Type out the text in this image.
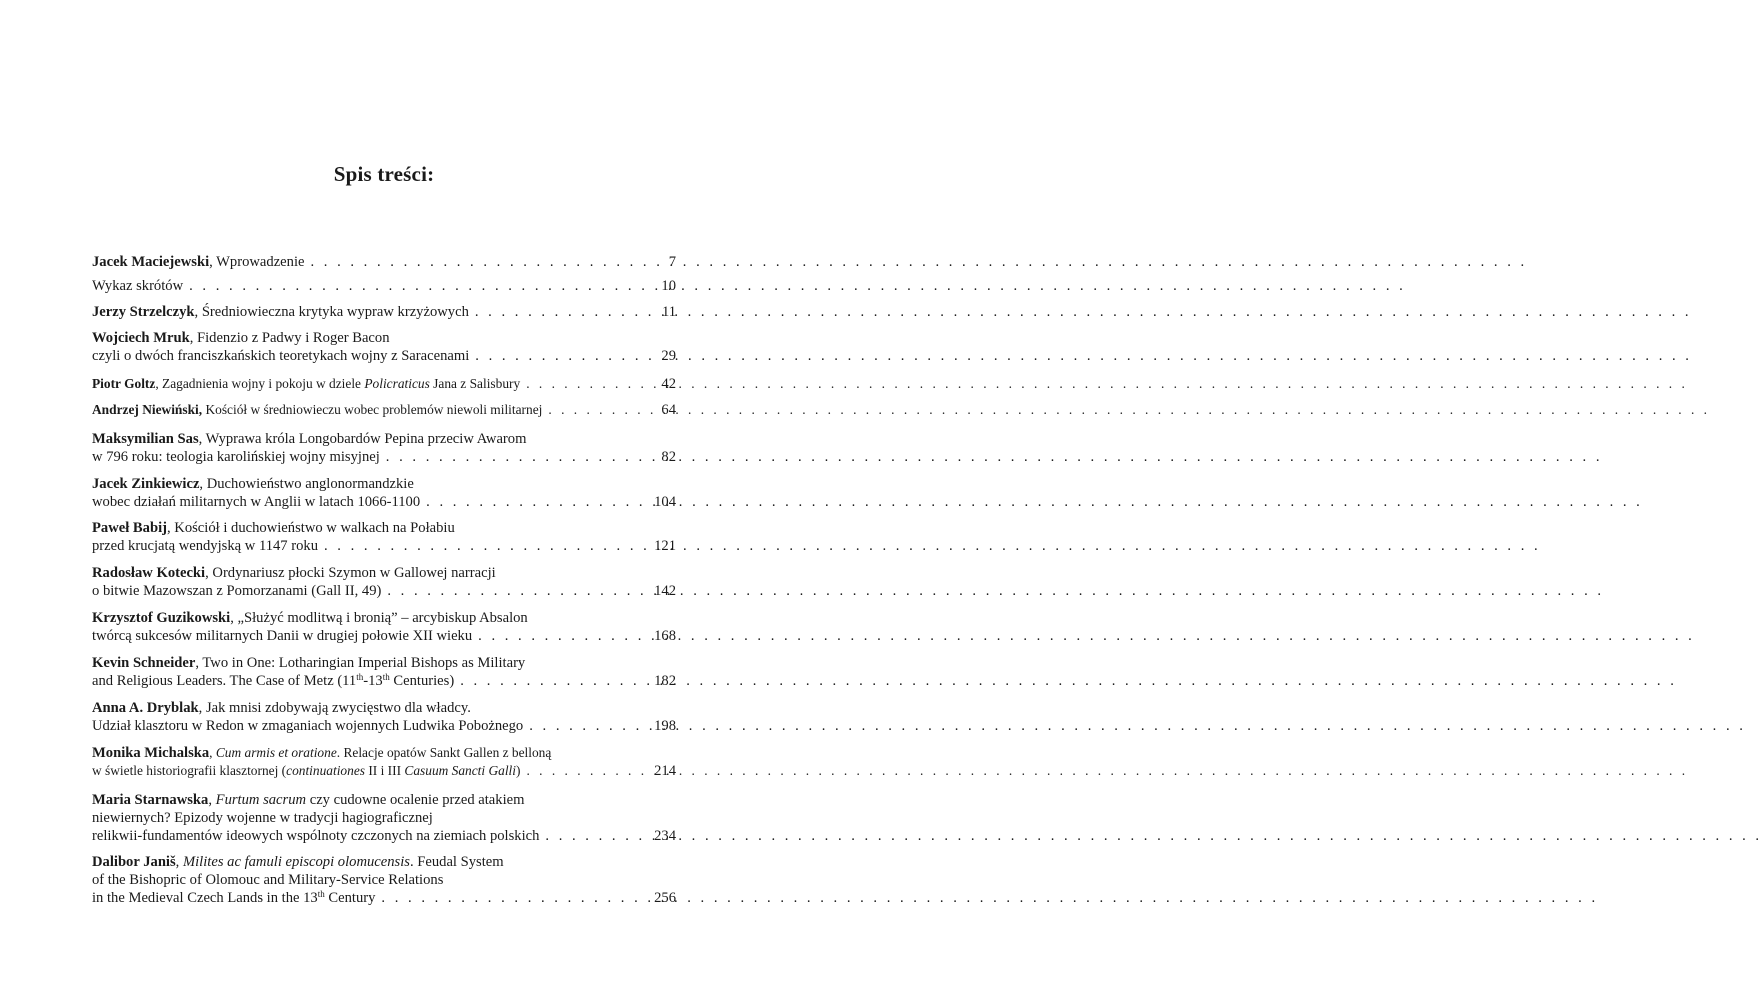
Spis treści:
Jacek Maciejewski, Wprowadzenie . . .	7
Wykaz skrótów . . .	10
Jerzy Strzelczyk, Średniowieczna krytyka wypraw krzyżowych . . .	11
Wojciech Mruk, Fidenzio z Padwy i Roger Bacon
czyli o dwóch franciszkańskich teoretykach wojny z Saracenami . . .	29
Piotr Goltz, Zagadnienia wojny i pokoju w dziele Policraticus Jana z Salisbury . . .	42
Andrzej Niewiński, Kościół w średniowieczu wobec problemów niewoli militarnej . . .	64
Maksymilian Sas, Wyprawa króla Longobardów Pepina przeciw Awarom
w 796 roku: teologia karolińskiej wojny misyjnej . . .	82
Jacek Zinkiewicz, Duchowieństwo anglonormandzkie
wobec działań militarnych w Anglii w latach 1066-1100 . . .	104
Paweł Babij, Kościół i duchowieństwo w walkach na Połabiu
przed krucjatą wendyjską w 1147 roku . . .	121
Radosław Kotecki, Ordynariusz płocki Szymon w Gallowej narracji
o bitwie Mazowszan z Pomorzanami (Gall II, 49) . . .	142
Krzysztof Guzikowski, „Służyć modlitwą i bronią” – arcybiskup Absalon
twórcą sukcesów militarnych Danii w drugiej połowie XII wieku . . .	168
Kevin Schneider, Two in One: Lotharingian Imperial Bishops as Military
and Religious Leaders. The Case of Metz (11th-13th Centuries) . . .	182
Anna A. Dryblak, Jak mnisi zdobywają zwycięstwo dla władcy.
Udział klasztoru w Redon w zmaganiach wojennych Ludwika Pobożnego . . .	198
Monika Michalska, Cum armis et oratione. Relacje opatów Sankt Gallen z belloną
w świetle historiografii klasztornej (continuationes II i III Casuum Sancti Galli) . . .	214
Maria Starnawska, Furtum sacrum czy cudowne ocalenie przed atakiem
niewiernych? Epizody wojenne w tradycji hagiograficznej
relikwii-fundamentów ideowych wspólnoty czczonych na ziemiach polskich . . .	234
Dalibor Janiš, Milites ac famuli episcopi olomucensis. Feudal System
of the Bishopric of Olomouc and Military-Service Relations
in the Medieval Czech Lands in the 13th Century . . .	256
